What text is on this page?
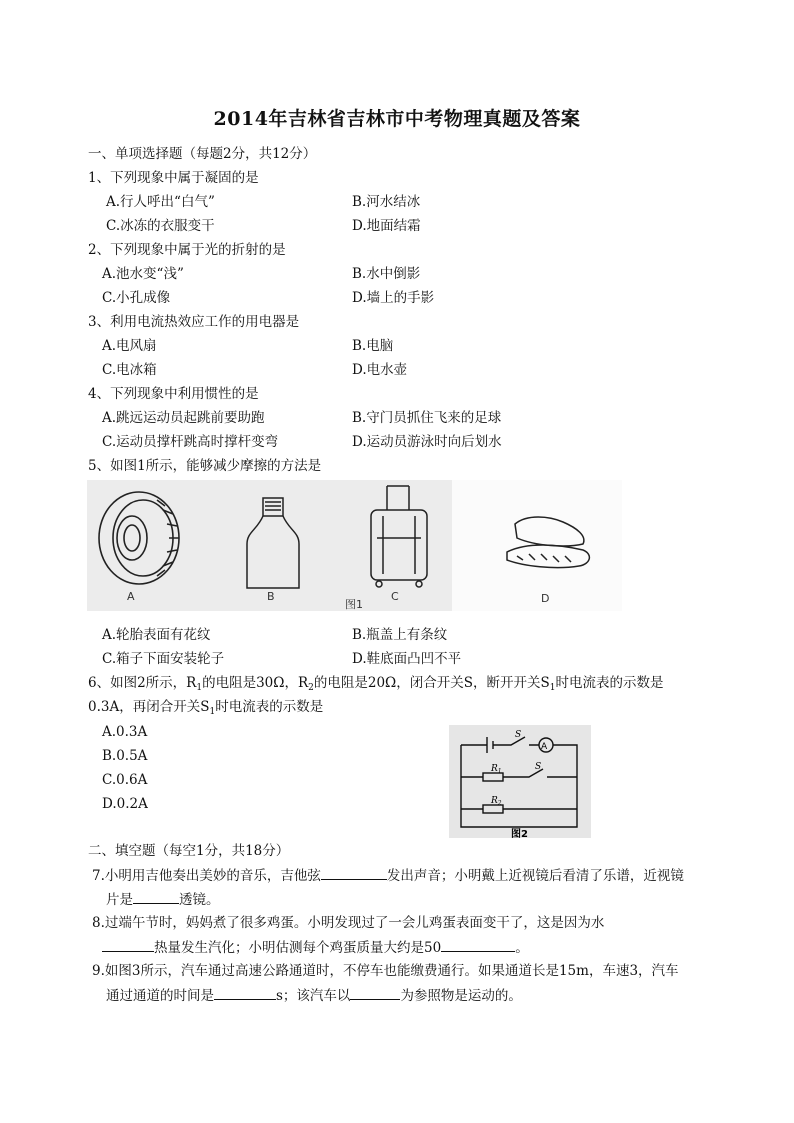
2014年吉林省吉林市中考物理真题及答案
一、单项选择题（每题2分，共12分）
1、下列现象中属于凝固的是
A.行人呼出“白气”	B.河水结冰
C.冰冻的衣服变干	D.地面结霜
2、下列现象中属于光的折射的是
A.池水变“浅”	B.水中倒影
C.小孔成像	D.墙上的手影
3、利用电流热效应工作的用电器是
A.电风扇	B.电脑
C.电冰箱	D.电水壶
4、下列现象中利用惯性的是
A.跳远运动员起跳前要助跑	B.守门员抓住飞来的足球
C.运动员撑杆跳高时撑杆变弯	D.运动员游泳时向后划水
5、如图1所示，能够减少摩擦的方法是
A	B
图1
C	D
A.轮胎表面有花纹	B.瓶盖上有条纹
C.箱子下面安装轮子	D.鞋底面凸凹不平
6、如图2所示，$R_1$的电阻是30Ω，$R_2$的电阻是20Ω，闭合开关S，断开开关$S_1$时电流表的示数是
0.3A，再闭合开关$S_1$时电流表的示数是
A.0.3A
B.0.5A
C.0.6A
D.0.2A
A
S
S
$R_1$
$R_2$
图2
二、填空题（每空1分，共18分）
7.小明用吉他奏出美妙的音乐，吉他弦	发出声音；小明戴上近视镜后看清了乐谱，近视镜
片是	透镜。
8.过端午节时，妈妈煮了很多鸡蛋。小明发现过了一会儿鸡蛋表面变干了，这是因为水
热量发生汽化；小明估测每个鸡蛋质量大约是50	。
9.如图3所示，汽车通过高速公路通道时，不停车也能缴费通行。如果通道长是15m，车速3，汽车
通过通道的时间是	s；该汽车以	为参照物是运动的。
